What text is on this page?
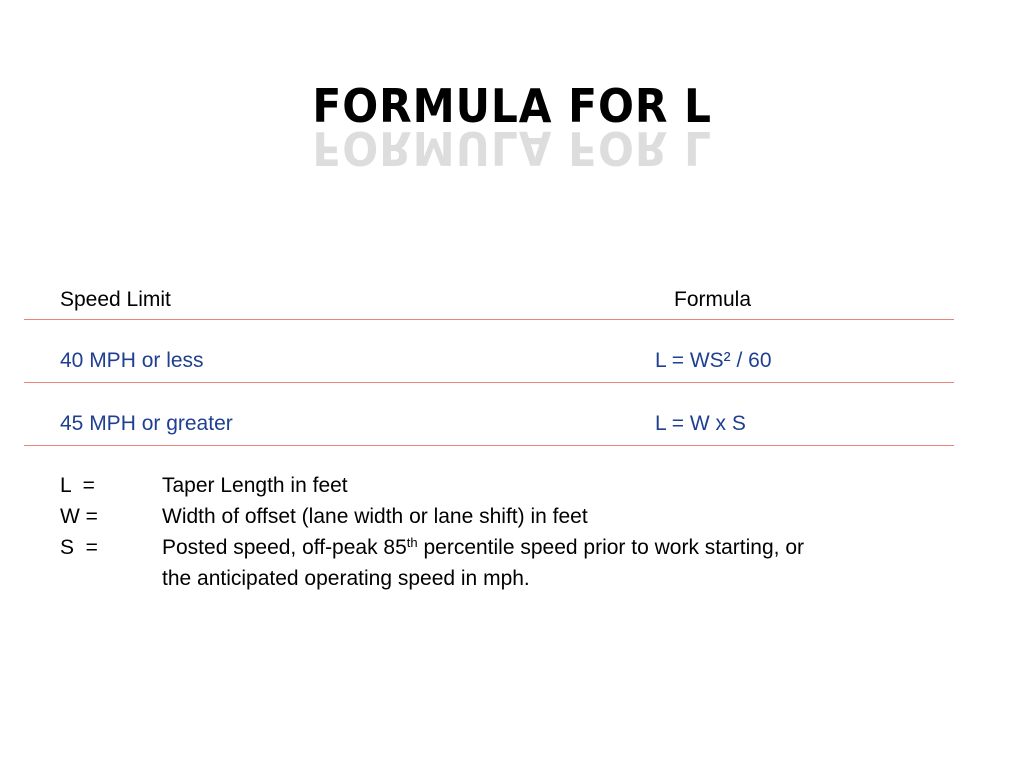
FORMULA FOR L
FORMULA FOR L
Speed Limit	Formula
40 MPH or less	L = WS² / 60
45 MPH or greater	L = W x S
L  =	Taper Length in feet
W =	Width of offset (lane width or lane shift) in feet
S  =	Posted speed, off-peak 85th percentile speed prior to work starting, or the anticipated operating speed in mph.
